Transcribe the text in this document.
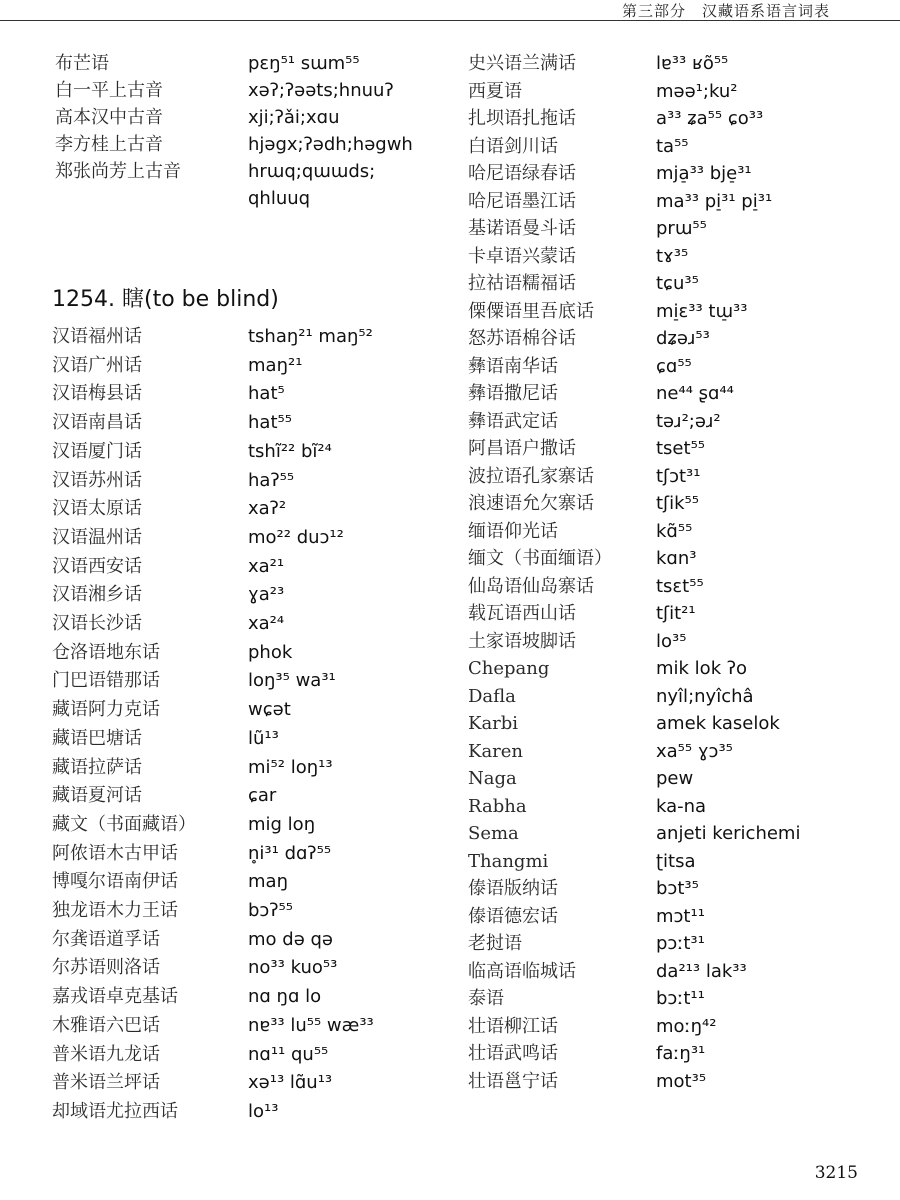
第三部分　汉藏语系语言词表
布芒语	pɛŋ⁵¹ sɯm⁵⁵
白一平上古音	xəʔ;ʔəəts;hnuuʔ
高本汉中古音	xji;ʔǎi;xɑu
李方桂上古音	hjəgx;ʔədh;həgwh
郑张尚芳上古音	hrɯq;qɯɯds;
qhluuq
1254. 瞎(to be blind)
汉语福州话	tshaŋ²¹ maŋ⁵²
汉语广州话	maŋ²¹
汉语梅县话	hat⁵
汉语南昌话	hat⁵⁵
汉语厦门话	tshĩ²² bĩ²⁴
汉语苏州话	haʔ⁵⁵
汉语太原话	xaʔ²
汉语温州话	mo²² duɔ¹²
汉语西安话	xa²¹
汉语湘乡话	ɣa²³
汉语长沙话	xa²⁴
仓洛语地东话	phok
门巴语错那话	loŋ³⁵ wa³¹
藏语阿力克话	wɕət
藏语巴塘话	lũ¹³
藏语拉萨话	mi⁵² loŋ¹³
藏语夏河话	ɕar
藏文（书面藏语）	mig loŋ
阿侬语木古甲话	n̥i³¹ dɑʔ⁵⁵
博嘎尔语南伊话	maŋ
独龙语木力王话	bɔʔ⁵⁵
尔龚语道孚话	mo də qə
尔苏语则洛话	no³³ kuo⁵³
嘉戎语卓克基话	nɑ ŋɑ lo
木雅语六巴话	nɐ³³ lu⁵⁵ wæ³³
普米语九龙话	nɑ¹¹ qu⁵⁵
普米语兰坪话	xə¹³ lɑ̃u¹³
却域语尤拉西话	lo¹³
史兴语兰满话	lɐ³³ ʁõ⁵⁵
西夏语	məə¹;ku²
扎坝语扎拖话	a³³ ʑa⁵⁵ ɕo³³
白语剑川话	ta⁵⁵
哈尼语绿春话	mja̠³³ bje̠³¹
哈尼语墨江话	ma³³ pi̠³¹ pi̠³¹
基诺语曼斗话	prɯ⁵⁵
卡卓语兴蒙话	tɤ³⁵
拉祜语糯福话	tɕu³⁵
傈僳语里吾底话	mi̠ɛ³³ tɯ̠³³
怒苏语棉谷话	dʑəɹ⁵³
彝语南华话	ɕɑ⁵⁵
彝语撒尼话	ne⁴⁴ ʂɑ⁴⁴
彝语武定话	təɹ²;əɹ²
阿昌语户撒话	tset⁵⁵
波拉语孔家寨话	tʃɔt³¹
浪速语允欠寨话	tʃik⁵⁵
缅语仰光话	kɑ̃⁵⁵
缅文（书面缅语） kɑn³
仙岛语仙岛寨话	tsɛt⁵⁵
载瓦语西山话	tʃit²¹
土家语坡脚话	lo³⁵
Chepang	mik lok ʔo
Dafla	nyîl;nyîchâ
Karbi	amek kaselok
Karen	xa⁵⁵ ɣɔ³⁵
Naga	pew
Rabha	ka-na
Sema	anjeti kerichemi
Thangmi	ʈitsa
傣语版纳话	bɔt³⁵
傣语德宏话	mɔt¹¹
老挝语	pɔːt³¹
临高语临城话	da²¹³ lak³³
泰语	bɔːt¹¹
壮语柳江话	moːŋ⁴²
壮语武鸣话	faːŋ³¹
壮语邕宁话	mot³⁵
3215
